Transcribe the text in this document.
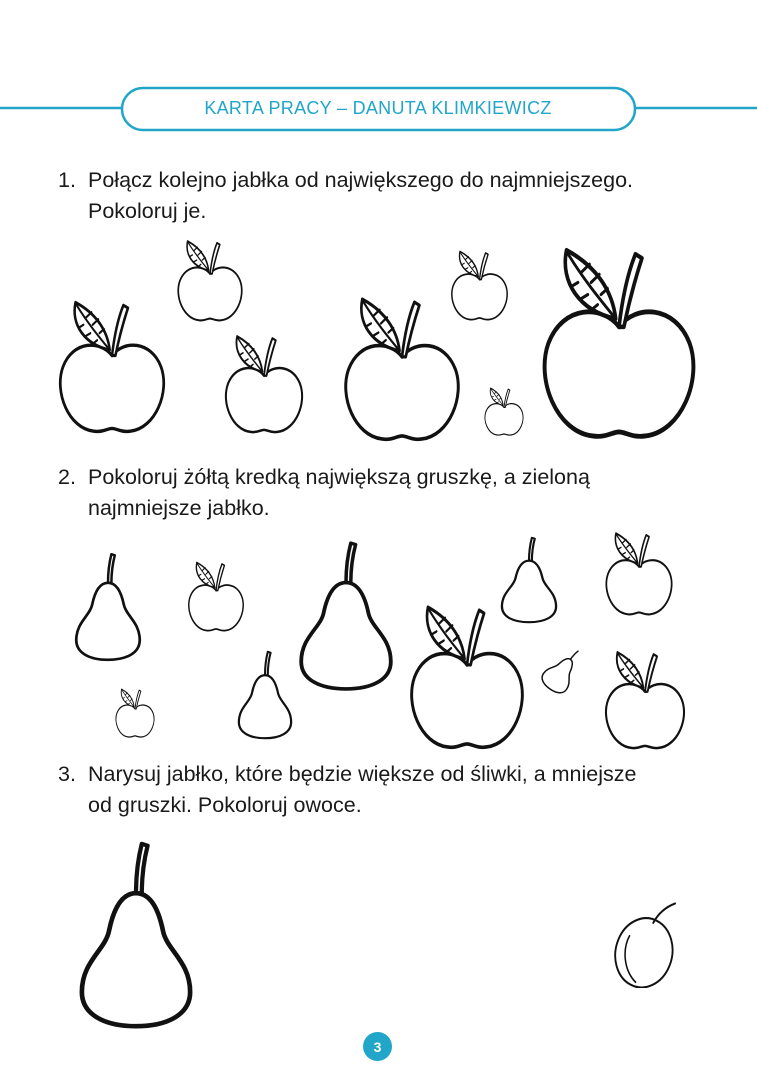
KARTA PRACY – DANUTA KLIMKIEWICZ
1. Połącz kolejno jabłka od największego do najmniejszego.
Pokoloruj je.
2. Pokoloruj żółtą kredką największą gruszkę, a zieloną
najmniejsze jabłko.
3. Narysuj jabłko, które będzie większe od śliwki, a mniejsze
od gruszki. Pokoloruj owoce.
3
